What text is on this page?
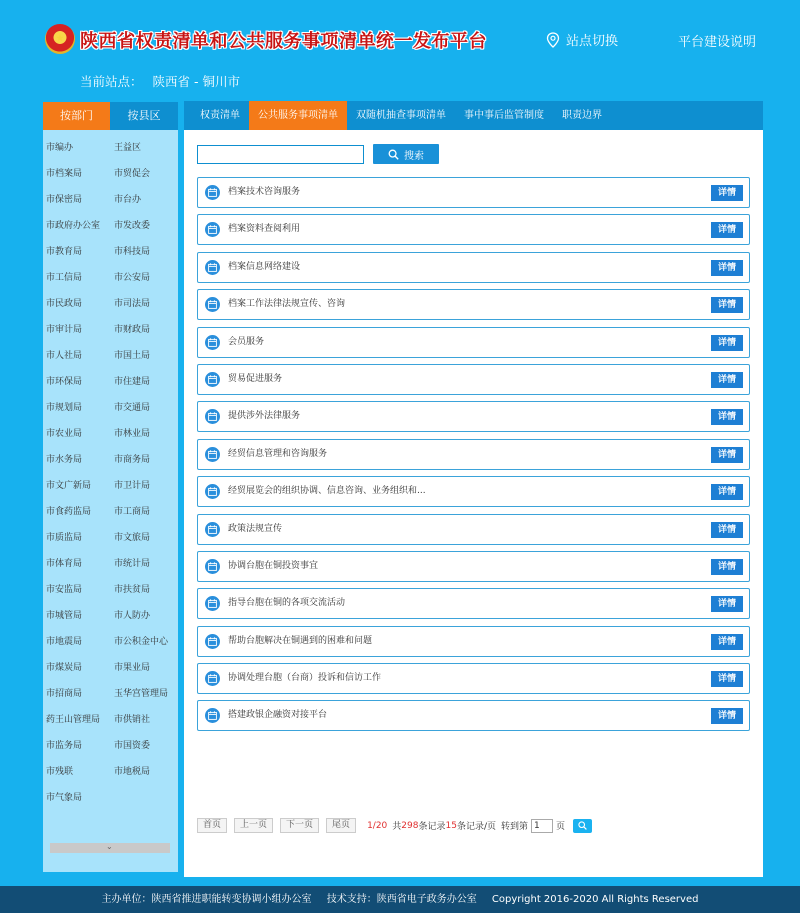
陕西省权责清单和公共服务事项清单统一发布平台	站点切换	平台建设说明
当前站点： 陕西省 - 铜川市
按部门	按县区
市编办	王益区
市档案局	市贸促会
市保密局	市台办
市政府办公室	市发改委
市教育局	市科技局
市工信局	市公安局
市民政局	市司法局
市审计局	市财政局
市人社局	市国土局
市环保局	市住建局
市规划局	市交通局
市农业局	市林业局
市水务局	市商务局
市文广新局	市卫计局
市食药监局	市工商局
市质监局	市文旅局
市体育局	市统计局
市安监局	市扶贫局
市城管局	市人防办
市地震局	市公积金中心
市煤炭局	市果业局
市招商局	玉华宫管理局
药王山管理局	市供销社
市监务局	市国资委
市残联	市地税局
市气象局
⌄
权责清单	公共服务事项清单	双随机抽查事项清单	事中事后监管制度	职责边界
搜索
档案技术咨询服务	详情
档案资料查阅利用	详情
档案信息网络建设	详情
档案工作法律法规宣传、咨询	详情
会员服务	详情
贸易促进服务	详情
提供涉外法律服务	详情
经贸信息管理和咨询服务	详情
经贸展览会的组织协调、信息咨询、业务组织和...	详情
政策法规宣传	详情
协调台胞在铜投资事宜	详情
指导台胞在铜的各项交流活动	详情
帮助台胞解决在铜遇到的困难和问题	详情
协调处理台胞（台商）投诉和信访工作	详情
搭建政银企融资对接平台	详情
首页	上一页	下一页	尾页	1/20 共 298 条记录 15 条记录/页 转到第 1	页
主办单位：陕西省推进职能转变协调小组办公室 技术支持：陕西省电子政务办公室 Copyright 2016-2020 All Rights Reserved
